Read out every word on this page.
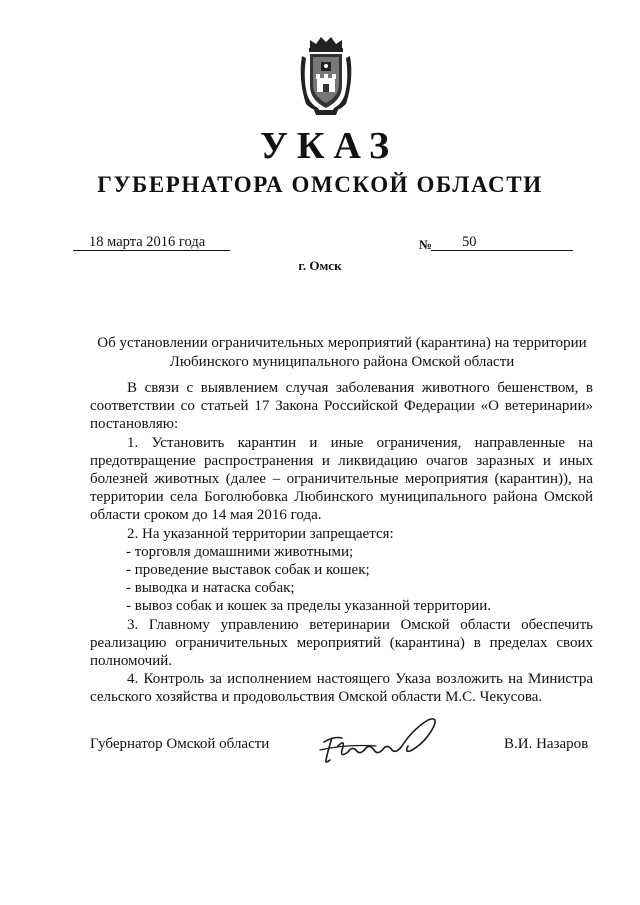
УКАЗ
ГУБЕРНАТОРА ОМСКОЙ ОБЛАСТИ
18 марта 2016 года	№ 50
г. Омск
Об установлении ограничительных мероприятий (карантина) на территории Любинского муниципального района Омской области

В связи с выявлением случая заболевания животного бешенством, в соответствии со статьей 17 Закона Российской Федерации «О ветеринарии» постановляю:

1. Установить карантин и иные ограничения, направленные на предотвращение распространения и ликвидацию очагов заразных и иных болезней животных (далее – ограничительные мероприятия (карантин)), на территории села Боголюбовка Любинского муниципального района Омской области сроком до 14 мая 2016 года.

2. На указанной территории запрещается:

- торговля домашними животными;

- проведение выставок собак и кошек;

- выводка и натаска собак;

- вывоз собак и кошек за пределы указанной территории.

3. Главному управлению ветеринарии Омской области обеспечить реализацию ограничительных мероприятий (карантина) в пределах своих полномочий.

4. Контроль за исполнением настоящего Указа возложить на Министра сельского хозяйства и продовольствия Омской области М.С. Чекусова.

Губернатор Омской области	В.И. Назаров
